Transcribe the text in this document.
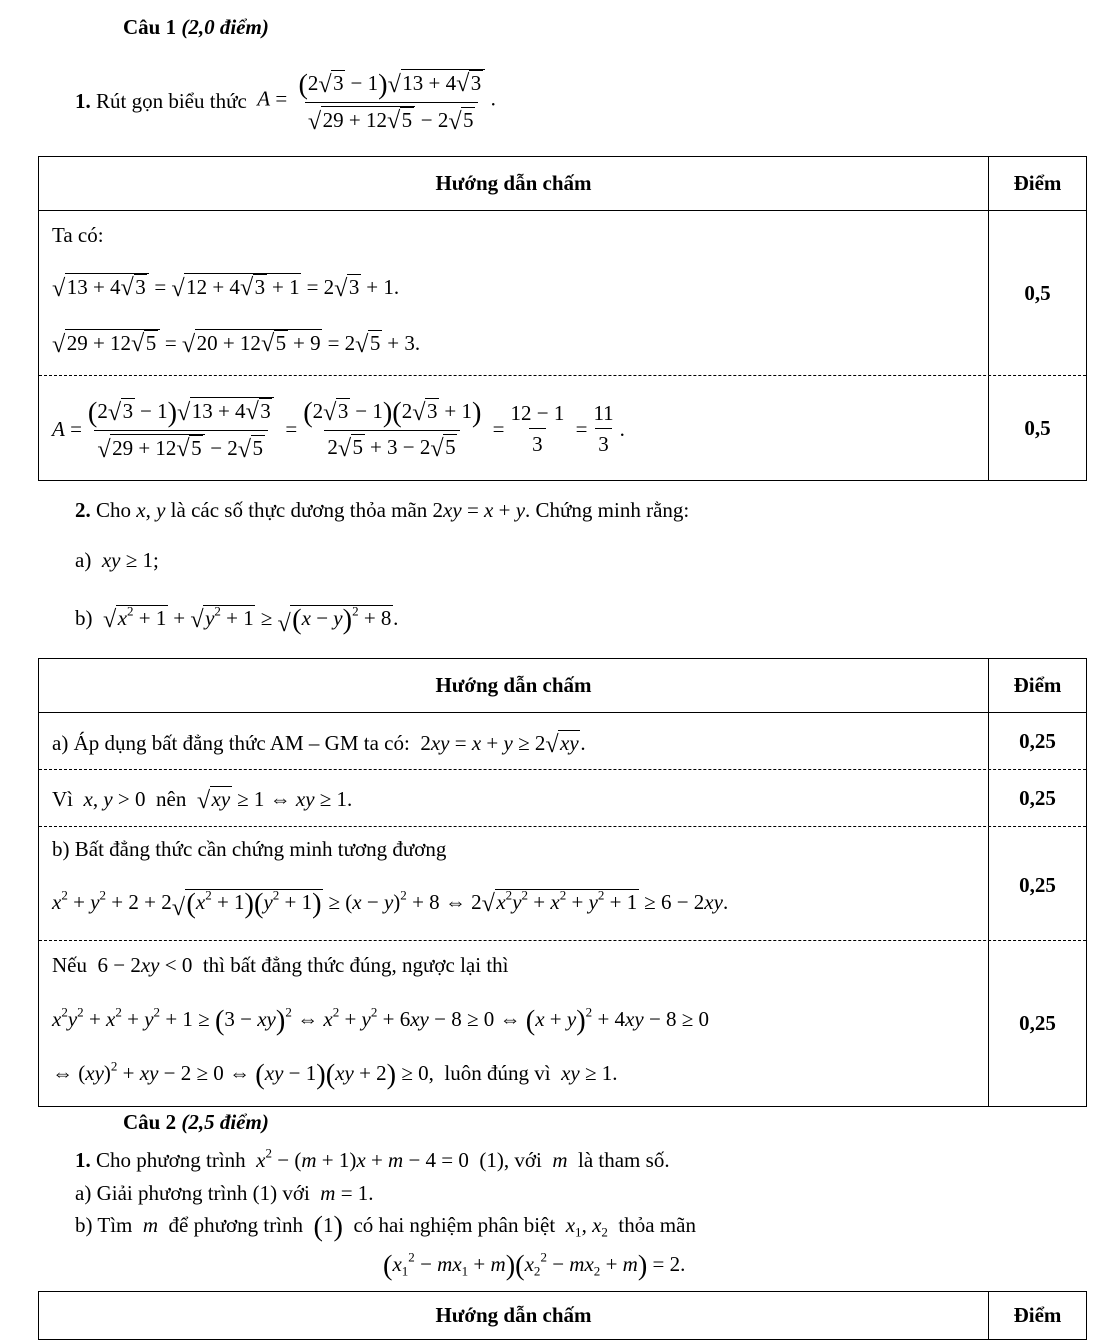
Câu 1 (2,0 điểm)
1.
Rút gọn biểu thức
$A = \frac{(2 √ 3 - 1) √ 13 + 4 √ 3}{√ 29 + 12 √ 5 - 2 √ 5}$ .
Hướng dẫn chấm	Điểm
Ta có:
√ 13 + 4 √ 3 = √ 12 + 4 √ 3 + 1 = 2 √ 3 + 1.
√ 29 + 12 √ 5 = √ 20 + 12 √ 5 + 9 = 2 √ 5 + 3.
0,5
$A = \frac{(2 √ 3 - 1) √ 13 + 4 √ 3}{√ 29 + 12 √ 5 - 2 √ 5} = \frac{(2 √ 3 - 1)(2 √ 3 + 1)}{2 √ 5 + 3 - 2 √ 5} = \frac{12 - 1}{3} = \frac{11}{3}$ .	0,5
2. Cho x, y là các số thực dương thỏa mãn 2xy = x + y. Chứng minh rằng:
a) xy ≥ 1;
b) √ $x^2 + 1$ + √ $y^2 + 1$ ≥ √ $(x - y)^2 + 8$.
Hướng dẫn chấm	Điểm
a) Áp dụng bất đẳng thức AM – GM ta có:  2xy = x + y ≥ 2 √ xy.	0,25
Vì x, y > 0  nên √ xy ≥ 1 ⇔ xy ≥ 1.	0,25
b) Bất đẳng thức cần chứng minh tương đương
$x^2 + y^2 + 2 + 2$ √ $(x^2 + 1)(y^2 + 1) \ge (x - y)^2 + 8$ ⇔ 2 √ $x^2y^2 + x^2 + y^2 + 1 \ge 6 - 2xy$.
0,25
Nếu  6 − 2xy < 0  thì bất đẳng thức đúng, ngược lại thì
$x^2y^2 + x^2 + y^2 + 1 \ge (3 - xy)^2$ ⇔ $x^2 + y^2 + 6xy - 8 \ge 0$ ⇔ $(x + y)^2 + 4xy - 8 \ge 0$
⇔ (xy)$^2$ + xy − 2 ≥ 0 ⇔ (xy − 1)(xy + 2) ≥ 0,  luôn đúng vì xy ≥ 1.
0,25
Câu 2 (2,5 điểm)
1. Cho phương trình $x^2 - (m + 1)x + m - 4 = 0$  (1), với m là tham số.
a) Giải phương trình (1) với m = 1.
b) Tìm m để phương trình (1) có hai nghiệm phân biệt $x_1$, $x_2$ thỏa mãn
$(x_1^2 - mx_1 + m)(x_2^2 - mx_2 + m) = 2$.
Hướng dẫn chấm	Điểm
